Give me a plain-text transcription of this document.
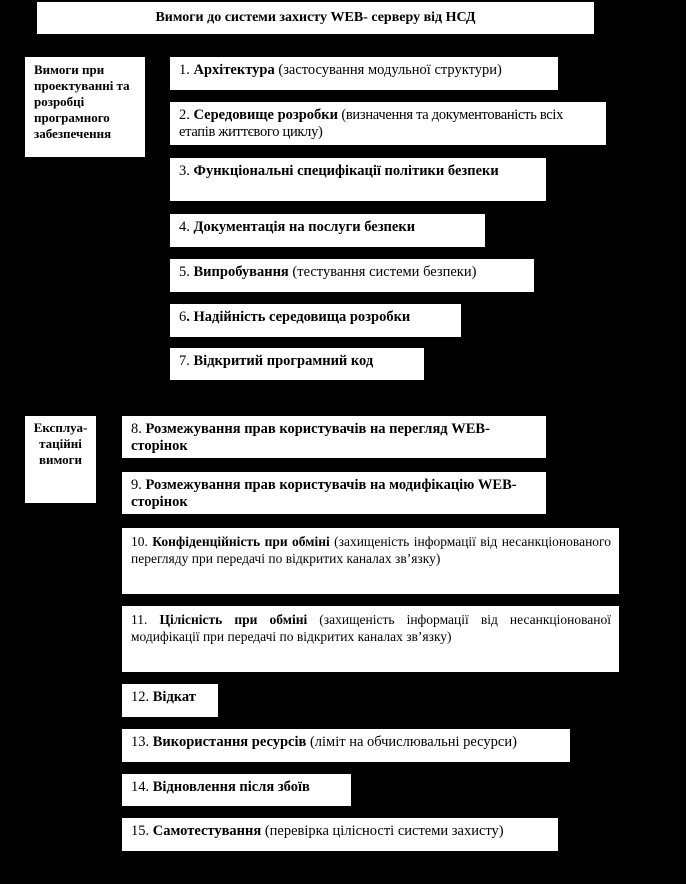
Вимоги до системи захисту WEB- серверу від НСД
Вимоги при проектуванні та розробці програмного забезпечення
Експлуа-таційні вимоги
1. Архітектура (застосування модульної структури)
2. Середовище розробки (визначення та документованість всіх етапів життєвого циклу)
3. Функціональні специфікації політики безпеки
4. Документація на послуги безпеки
5. Випробування (тестування системи безпеки)
6. Надійність середовища розробки
7. Відкритий програмний код
8. Розмежування прав користувачів на перегляд WEB- сторінок
9. Розмежування прав користувачів на модифікацію WEB- сторінок
10. Конфіденційність при обміні (захищеність інформації від несанкціонованого перегляду при передачі по відкритих каналах зв’язку)
11. Цілісність при обміні (захищеність інформації від несанкціонованої модифікації при передачі по відкритих каналах зв’язку)
12. Відкат
13. Використання ресурсів (ліміт на обчислювальні ресурси)
14. Відновлення після збоїв
15. Самотестування (перевірка цілісності системи захисту)
